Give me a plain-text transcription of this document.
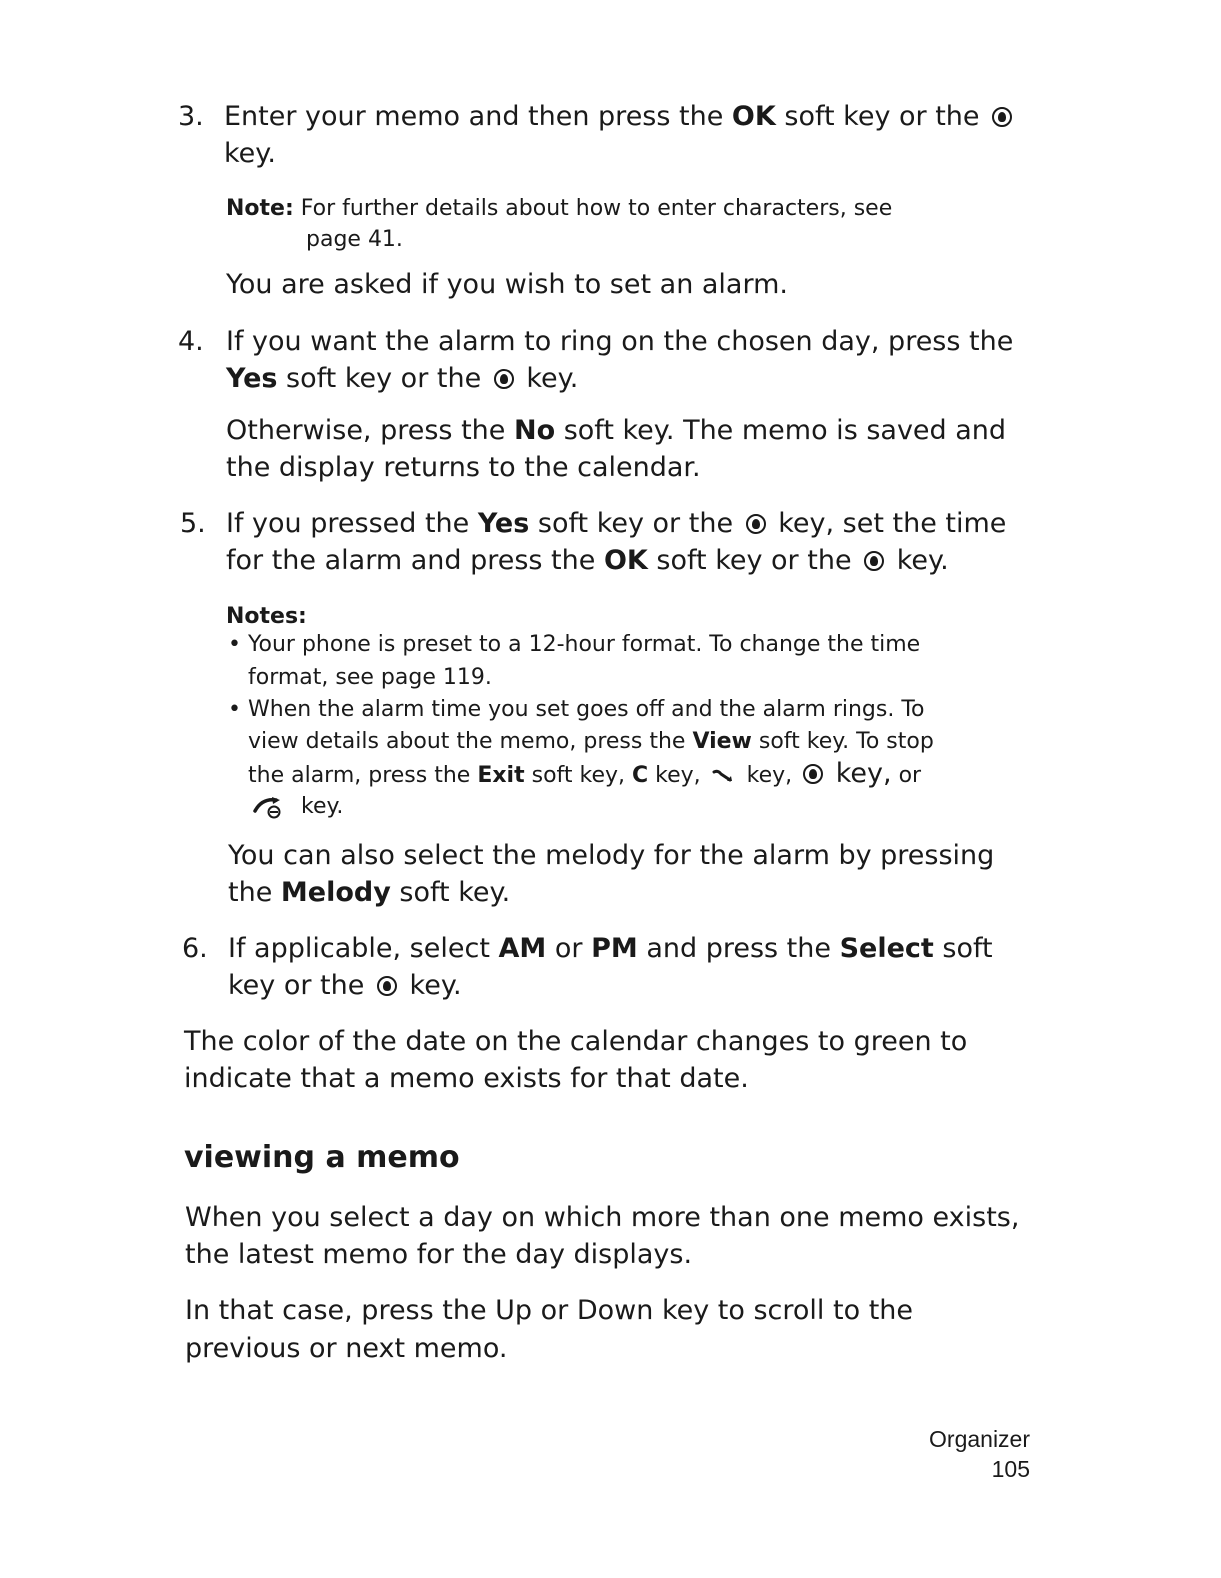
3. Enter your memo and then press the OK soft key or the
key.
Note: For further details about how to enter characters, see
page 41.
You are asked if you wish to set an alarm.
4. If you want the alarm to ring on the chosen day, press the
Yes soft key or the  key.
Otherwise, press the No soft key. The memo is saved and
the display returns to the calendar.
5. If you pressed the Yes soft key or the  key, set the time
for the alarm and press the OK soft key or the  key.
Notes:
• Your phone is preset to a 12-hour format. To change the time
format, see page 119.
• When the alarm time you set goes off and the alarm rings. To
view details about the memo, press the View soft key. To stop
the alarm, press the Exit soft key, C key,  key,  key, or
key.
You can also select the melody for the alarm by pressing
the Melody soft key.
6. If applicable, select AM or PM and press the Select soft
key or the  key.
The color of the date on the calendar changes to green to
indicate that a memo exists for that date.
viewing a memo
When you select a day on which more than one memo exists,
the latest memo for the day displays.
In that case, press the Up or Down key to scroll to the
previous or next memo.
Organizer
105
